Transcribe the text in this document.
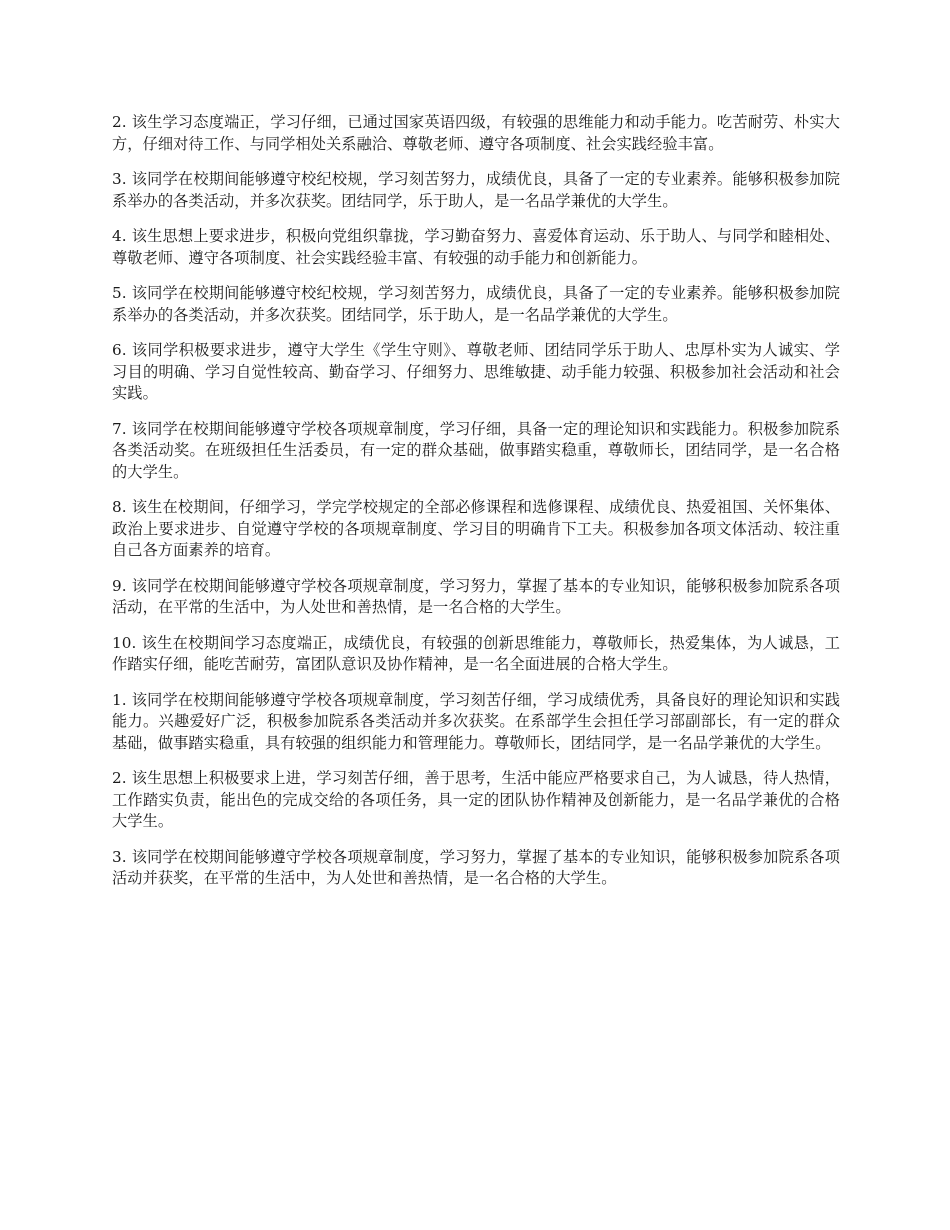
2. 该生学习态度端正，学习仔细，已通过国家英语四级，有较强的思维能力和动手能力。吃苦耐劳、朴实大方，仔细对待工作、与同学相处关系融洽、尊敬老师、遵守各项制度、社会实践经验丰富。

3. 该同学在校期间能够遵守校纪校规，学习刻苦努力，成绩优良，具备了一定的专业素养。能够积极参加院系举办的各类活动，并多次获奖。团结同学，乐于助人，是一名品学兼优的大学生。

4. 该生思想上要求进步，积极向党组织靠拢，学习勤奋努力、喜爱体育运动、乐于助人、与同学和睦相处、尊敬老师、遵守各项制度、社会实践经验丰富、有较强的动手能力和创新能力。

5. 该同学在校期间能够遵守校纪校规，学习刻苦努力，成绩优良，具备了一定的专业素养。能够积极参加院系举办的各类活动，并多次获奖。团结同学，乐于助人，是一名品学兼优的大学生。

6. 该同学积极要求进步，遵守大学生《学生守则》、尊敬老师、团结同学乐于助人、忠厚朴实为人诚实、学习目的明确、学习自觉性较高、勤奋学习、仔细努力、思维敏捷、动手能力较强、积极参加社会活动和社会实践。

7. 该同学在校期间能够遵守学校各项规章制度，学习仔细，具备一定的理论知识和实践能力。积极参加院系各类活动奖。在班级担任生活委员，有一定的群众基础，做事踏实稳重，尊敬师长，团结同学，是一名合格的大学生。

8. 该生在校期间，仔细学习，学完学校规定的全部必修课程和选修课程、成绩优良、热爱祖国、关怀集体、政治上要求进步、自觉遵守学校的各项规章制度、学习目的明确肯下工夫。积极参加各项文体活动、较注重自己各方面素养的培育。

9. 该同学在校期间能够遵守学校各项规章制度，学习努力，掌握了基本的专业知识，能够积极参加院系各项活动，在平常的生活中，为人处世和善热情，是一名合格的大学生。

10. 该生在校期间学习态度端正，成绩优良，有较强的创新思维能力，尊敬师长，热爱集体，为人诚恳，工作踏实仔细，能吃苦耐劳，富团队意识及协作精神，是一名全面进展的合格大学生。

1. 该同学在校期间能够遵守学校各项规章制度，学习刻苦仔细，学习成绩优秀，具备良好的理论知识和实践能力。兴趣爱好广泛，积极参加院系各类活动并多次获奖。在系部学生会担任学习部副部长，有一定的群众基础，做事踏实稳重，具有较强的组织能力和管理能力。尊敬师长，团结同学，是一名品学兼优的大学生。

2. 该生思想上积极要求上进，学习刻苦仔细，善于思考，生活中能应严格要求自己，为人诚恳，待人热情，工作踏实负责，能出色的完成交给的各项任务，具一定的团队协作精神及创新能力，是一名品学兼优的合格大学生。

3. 该同学在校期间能够遵守学校各项规章制度，学习努力，掌握了基本的专业知识，能够积极参加院系各项活动并获奖，在平常的生活中，为人处世和善热情，是一名合格的大学生。
